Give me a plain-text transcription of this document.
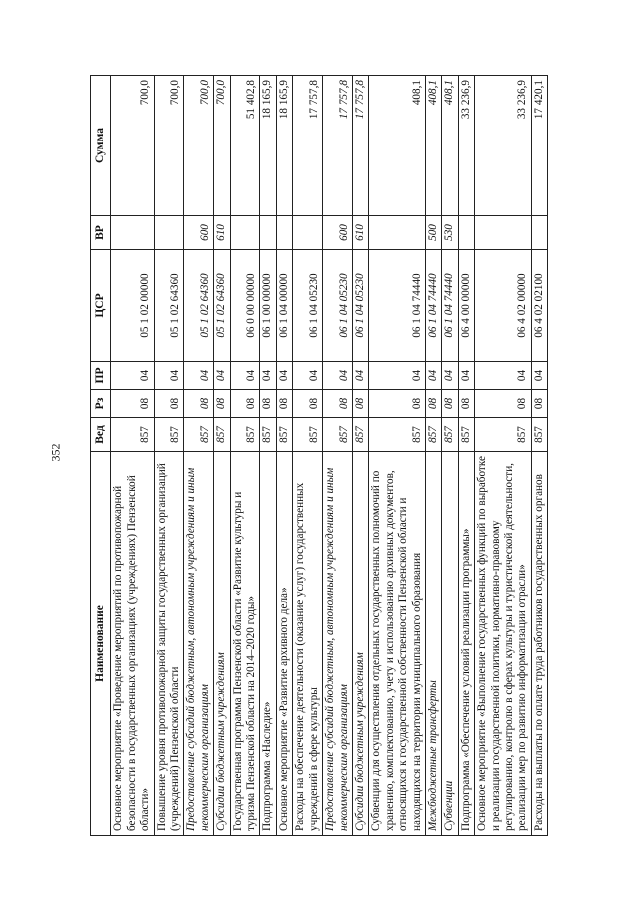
352
Наименование	Вед	Рз	ПР	ЦСР	ВР	Сумма
Основное мероприятие «Проведение мероприятий по противопожарной безопасности в государственных организациях (учреждениях) Пензенской области»	857	08	04	05 1 02 00000		700,0
Повышение уровня противопожарной защиты государственных организаций (учреждений) Пензенской области	857	08	04	05 1 02 64360		700,0
Предоставление субсидий бюджетным, автономным учреждениям и иным некоммерческим организациям	857	08	04	05 1 02 64360	600	700,0
Субсидии бюджетным учреждениям	857	08	04	05 1 02 64360	610	700,0
Государственная программа Пензенской области «Развитие культуры и туризма Пензенской области на 2014–2020 годы»	857	08	04	06 0 00 00000		51 402,8
Подпрограмма «Наследие»	857	08	04	06 1 00 00000		18 165,9
Основное мероприятие «Развитие архивного дела»	857	08	04	06 1 04 00000		18 165,9
Расходы на обеспечение деятельности (оказание услуг) государственных учреждений в сфере культуры	857	08	04	06 1 04 05230		17 757,8
Предоставление субсидий бюджетным, автономным учреждениям и иным некоммерческим организациям	857	08	04	06 1 04 05230	600	17 757,8
Субсидии бюджетным учреждениям	857	08	04	06 1 04 05230	610	17 757,8
Субвенции для осуществления отдельных государственных полномочий по хранению, комплектованию, учету и использованию архивных документов, относящихся к государственной собственности Пензенской области и находящихся на территории муниципального образования	857	08	04	06 1 04 74440		408,1
Межбюджетные трансферты	857	08	04	06 1 04 74440	500	408,1
Субвенции	857	08	04	06 1 04 74440	530	408,1
Подпрограмма «Обеспечение условий реализации программы»	857	08	04	06 4 00 00000		33 236,9
Основное мероприятие «Выполнение государственных функций по выработке и реализации государственной политики, нормативно-правовому регулированию, контролю в сферах культуры и туристической деятельности, реализации мер по развитию информатизации отрасли»	857	08	04	06 4 02 00000		33 236,9
Расходы на выплаты по оплате труда работников государственных органов	857	08	04	06 4 02 02100		17 420,1
